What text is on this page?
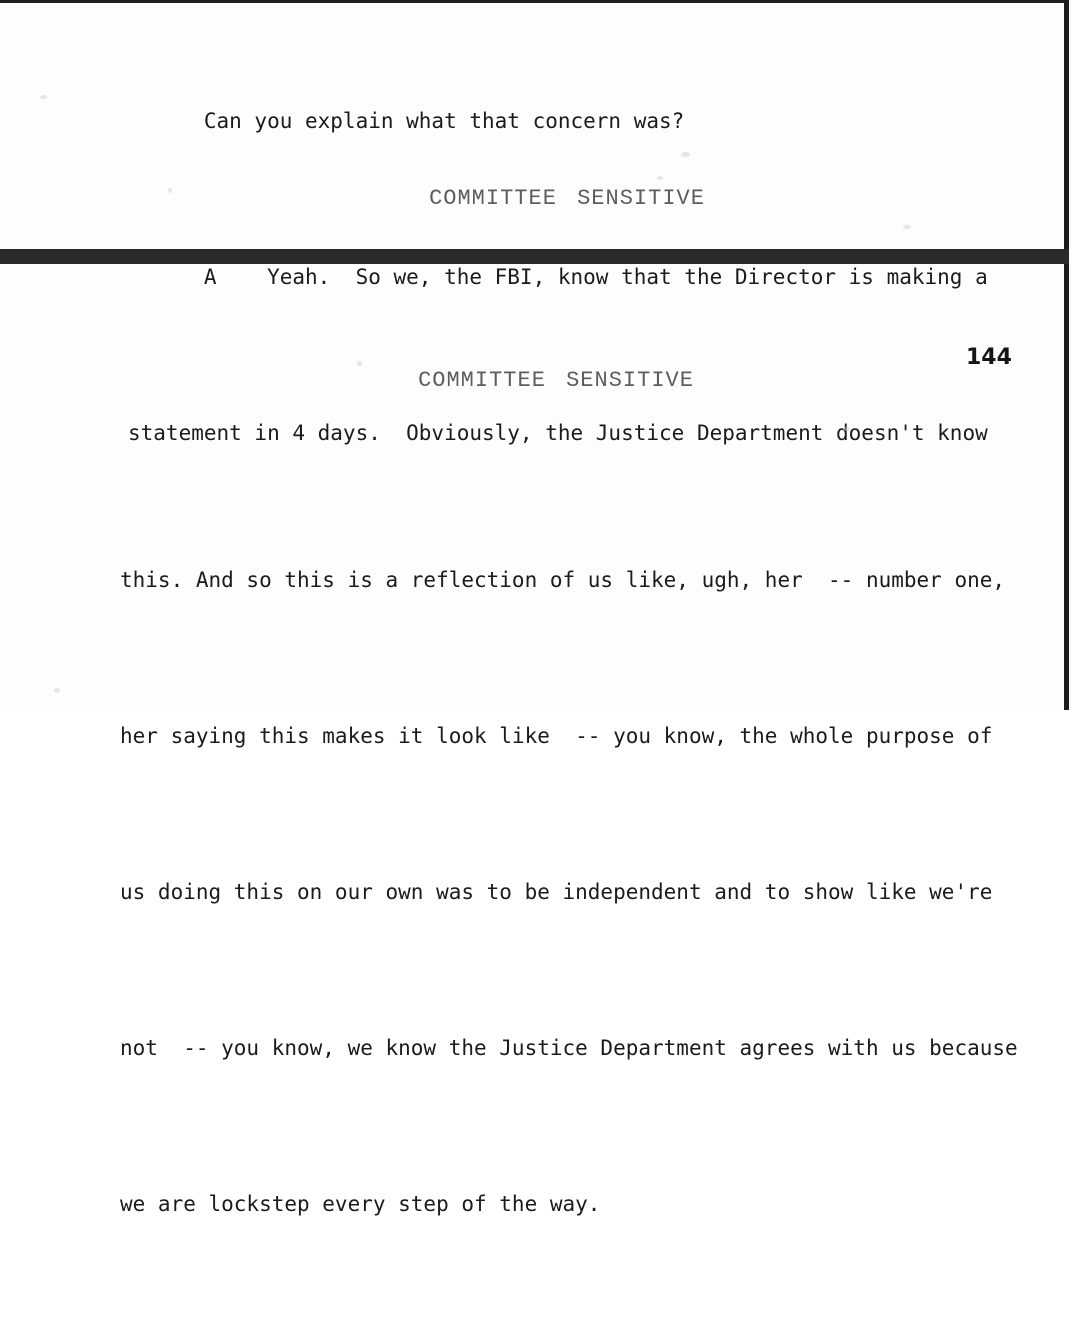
Can you explain what that concern was?

A    Yeah.  So we, the FBI, know that the Director is making a

statement in 4 days.  Obviously, the Justice Department doesn't know

COMMITTEE SENSITIVE
144
COMMITTEE SENSITIVE

this. And so this is a reflection of us like, ugh, her  -- number one,

her saying this makes it look like  -- you know, the whole purpose of

us doing this on our own was to be independent and to show like we're

not  -- you know, we know the Justice Department agrees with us because

we are lockstep every step of the way.
